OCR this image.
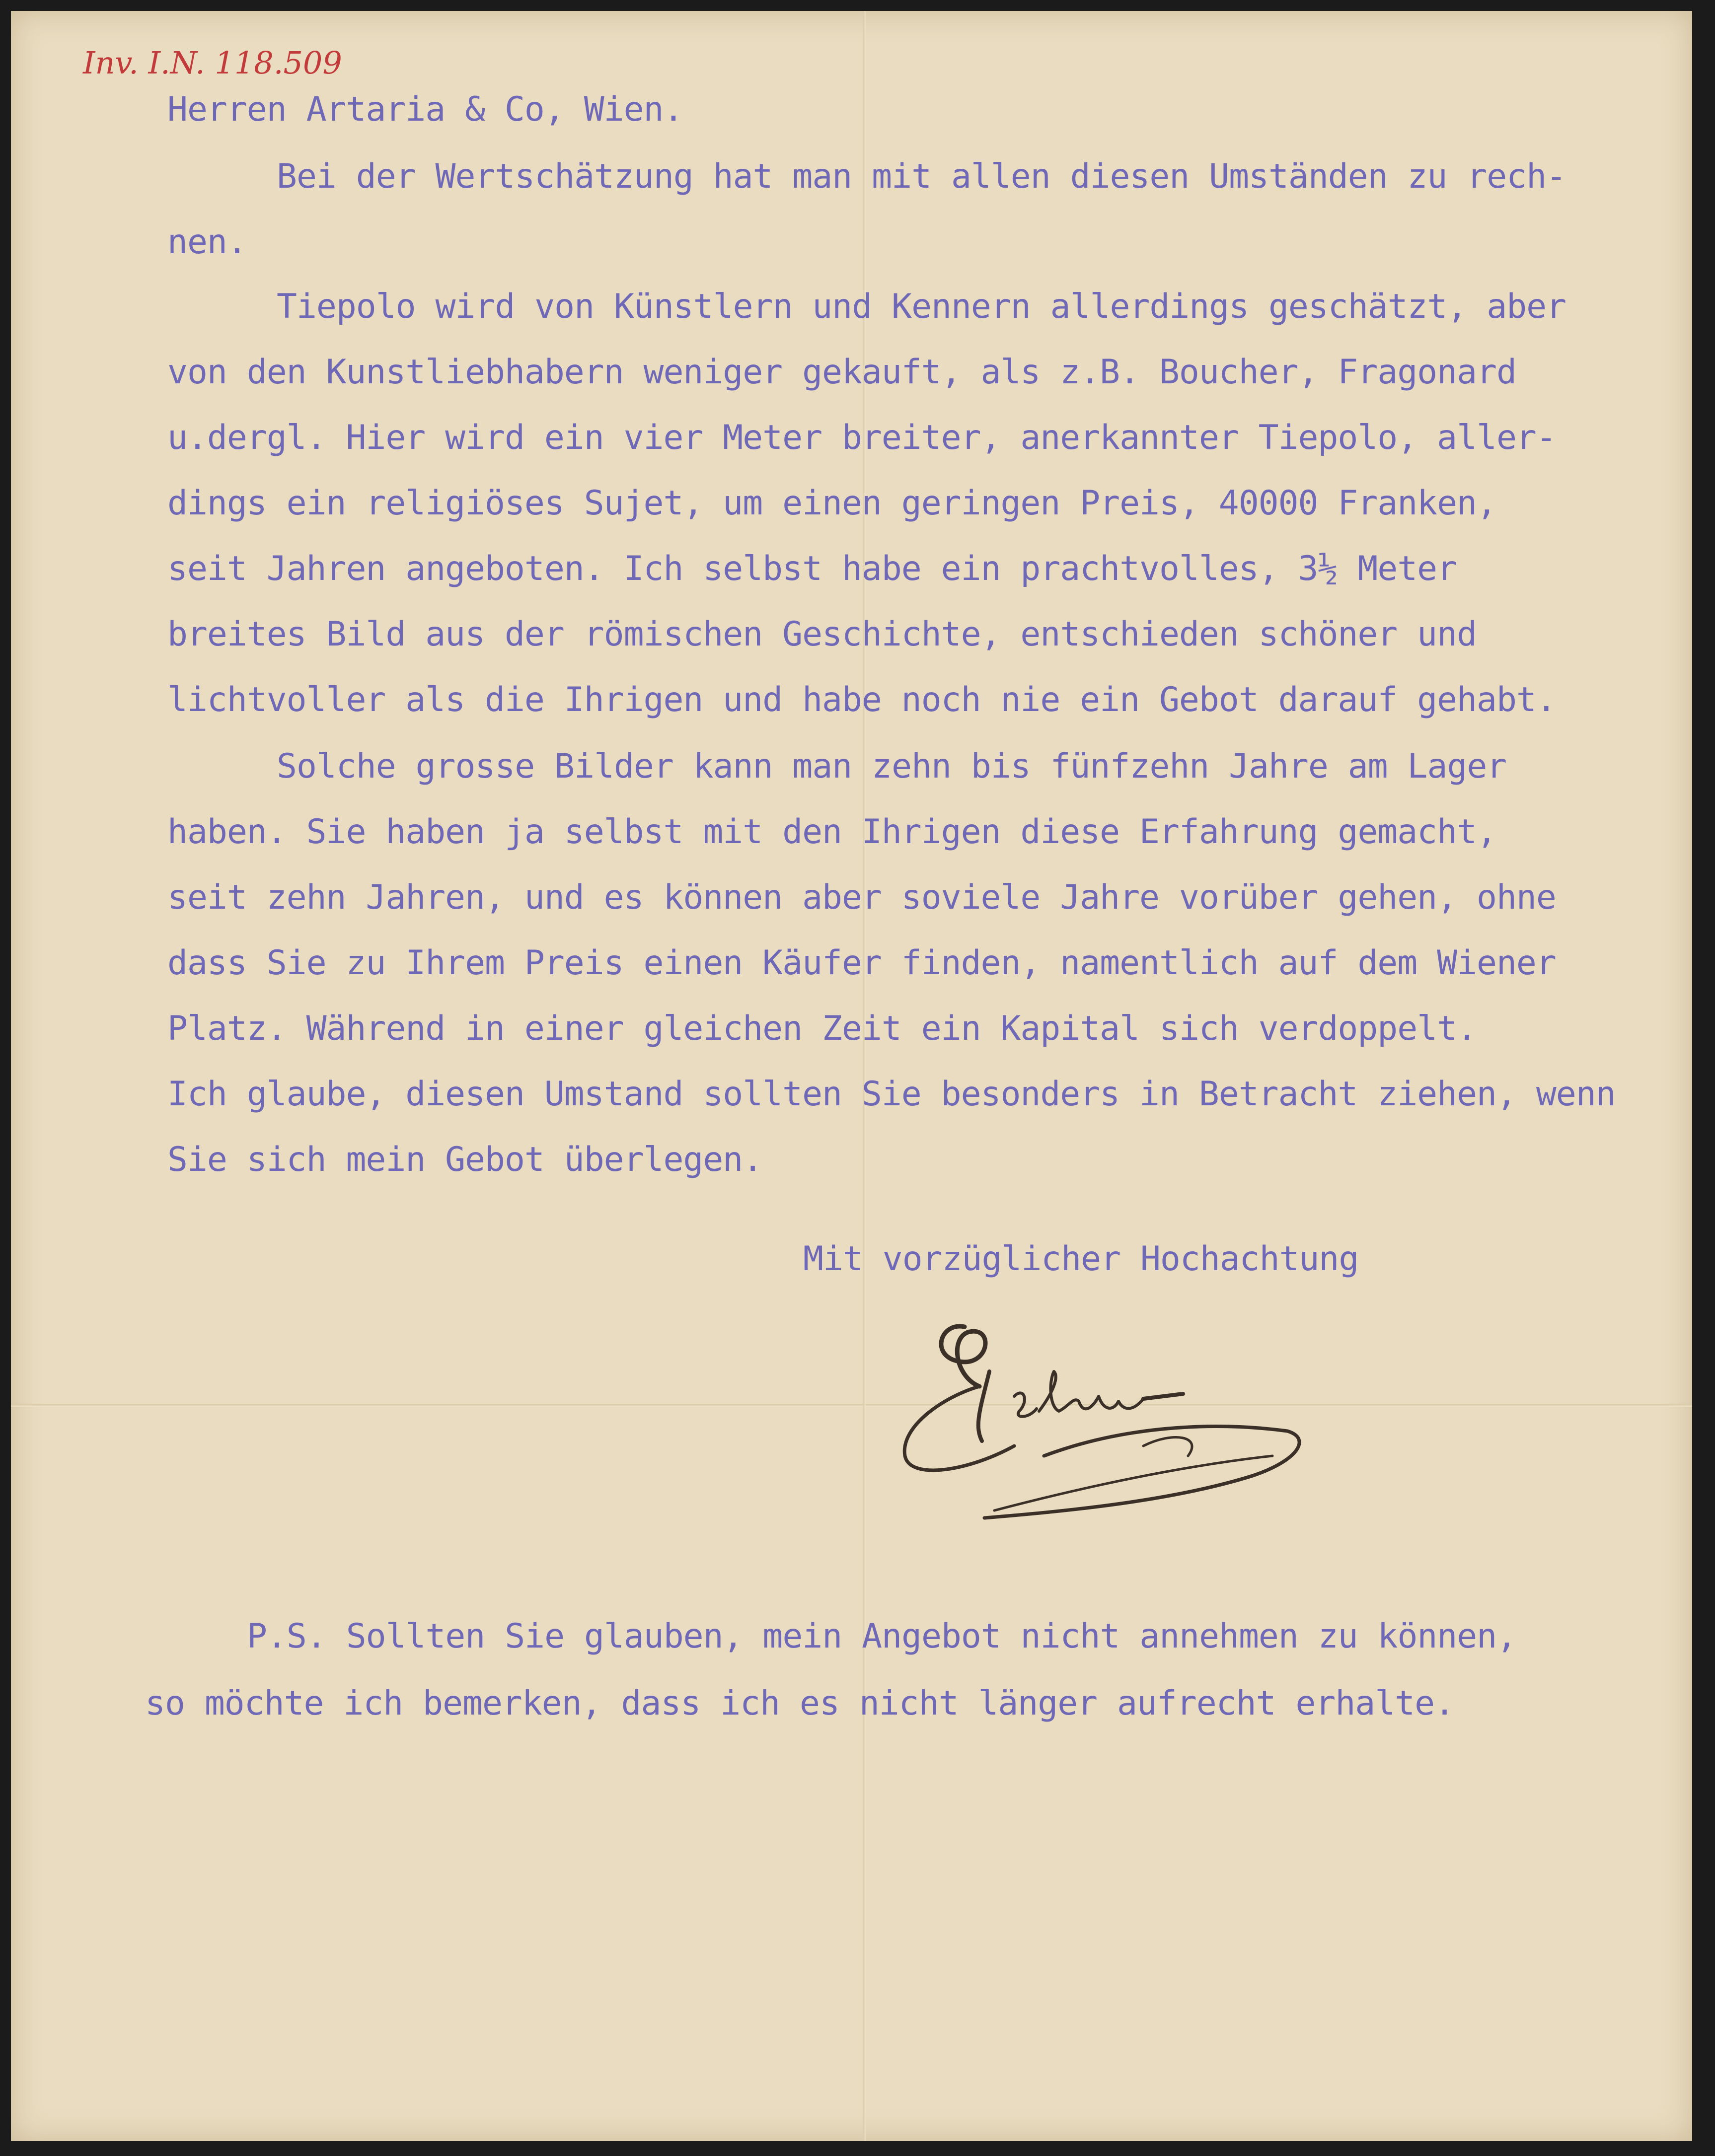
Inv. I.N. 118.509
Herren Artaria & Co, Wien.
Bei der Wertschätzung hat man mit allen diesen Umständen zu rech-
nen.
Tiepolo wird von Künstlern und Kennern allerdings geschätzt, aber
von den Kunstliebhabern weniger gekauft, als z.B. Boucher, Fragonard
u.dergl. Hier wird ein vier Meter breiter, anerkannter Tiepolo, aller-
dings ein religiöses Sujet, um einen geringen Preis, 40000 Franken,
seit Jahren angeboten. Ich selbst habe ein prachtvolles, 3½ Meter
breites Bild aus der römischen Geschichte, entschieden schöner und
lichtvoller als die Ihrigen und habe noch nie ein Gebot darauf gehabt.
Solche grosse Bilder kann man zehn bis fünfzehn Jahre am Lager
haben. Sie haben ja selbst mit den Ihrigen diese Erfahrung gemacht,
seit zehn Jahren, und es können aber soviele Jahre vorüber gehen, ohne
dass Sie zu Ihrem Preis einen Käufer finden, namentlich auf dem Wiener
Platz. Während in einer gleichen Zeit ein Kapital sich verdoppelt.
Ich glaube, diesen Umstand sollten Sie besonders in Betracht ziehen, wenn
Sie sich mein Gebot überlegen.
Mit vorzüglicher Hochachtung
P.S. Sollten Sie glauben, mein Angebot nicht annehmen zu können,
so möchte ich bemerken, dass ich es nicht länger aufrecht erhalte.
